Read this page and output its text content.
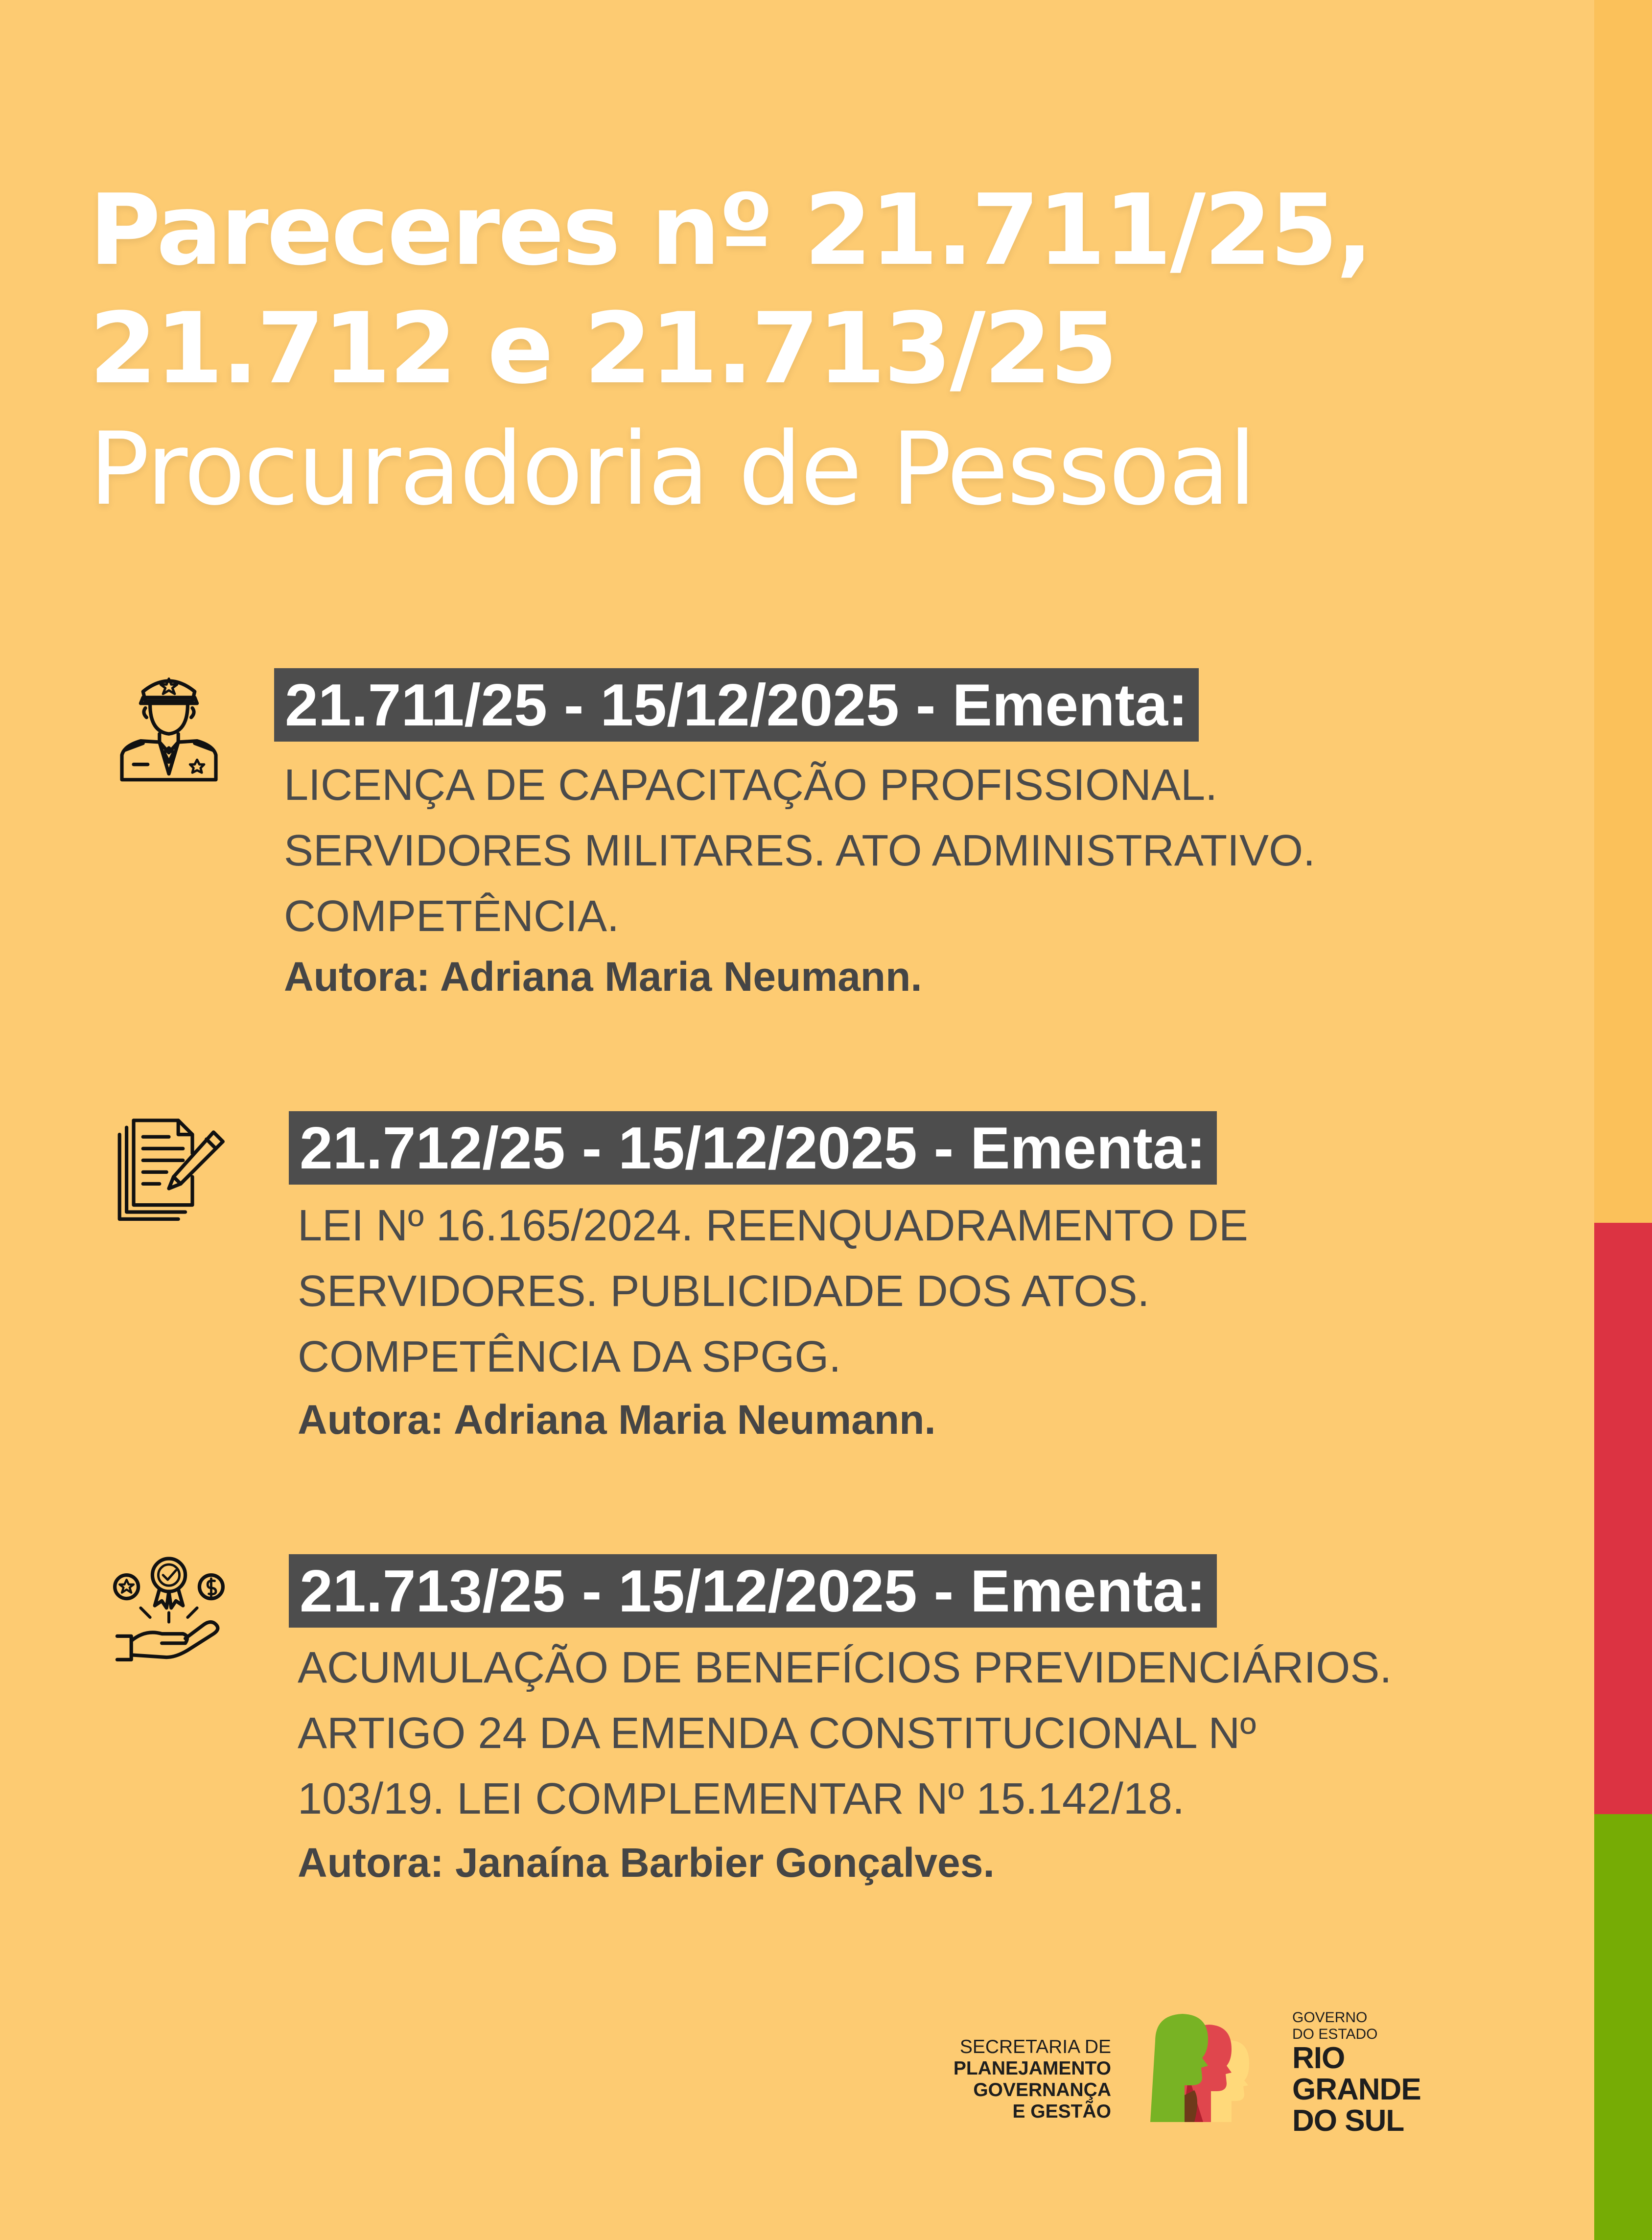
Pareceres nº 21.711/25,
21.712 e 21.713/25
Procuradoria de Pessoal
21.711/25 - 15/12/2025 - Ementa:
LICENÇA DE CAPACITAÇÃO PROFISSIONAL.
SERVIDORES MILITARES. ATO ADMINISTRATIVO.
COMPETÊNCIA.
Autora: Adriana Maria Neumann.
21.712/25 - 15/12/2025 - Ementa:
LEI Nº 16.165/2024. REENQUADRAMENTO DE
SERVIDORES. PUBLICIDADE DOS ATOS.
COMPETÊNCIA DA SPGG.
Autora: Adriana Maria Neumann.
21.713/25 - 15/12/2025 - Ementa:
ACUMULAÇÃO DE BENEFÍCIOS PREVIDENCIÁRIOS.
ARTIGO 24 DA EMENDA CONSTITUCIONAL Nº
103/19. LEI COMPLEMENTAR Nº 15.142/18.
Autora: Janaína Barbier Gonçalves.
SECRETARIA DE
PLANEJAMENTO
GOVERNANÇA
E GESTÃO
GOVERNO
DO ESTADO
RIO
GRANDE
DO SUL
